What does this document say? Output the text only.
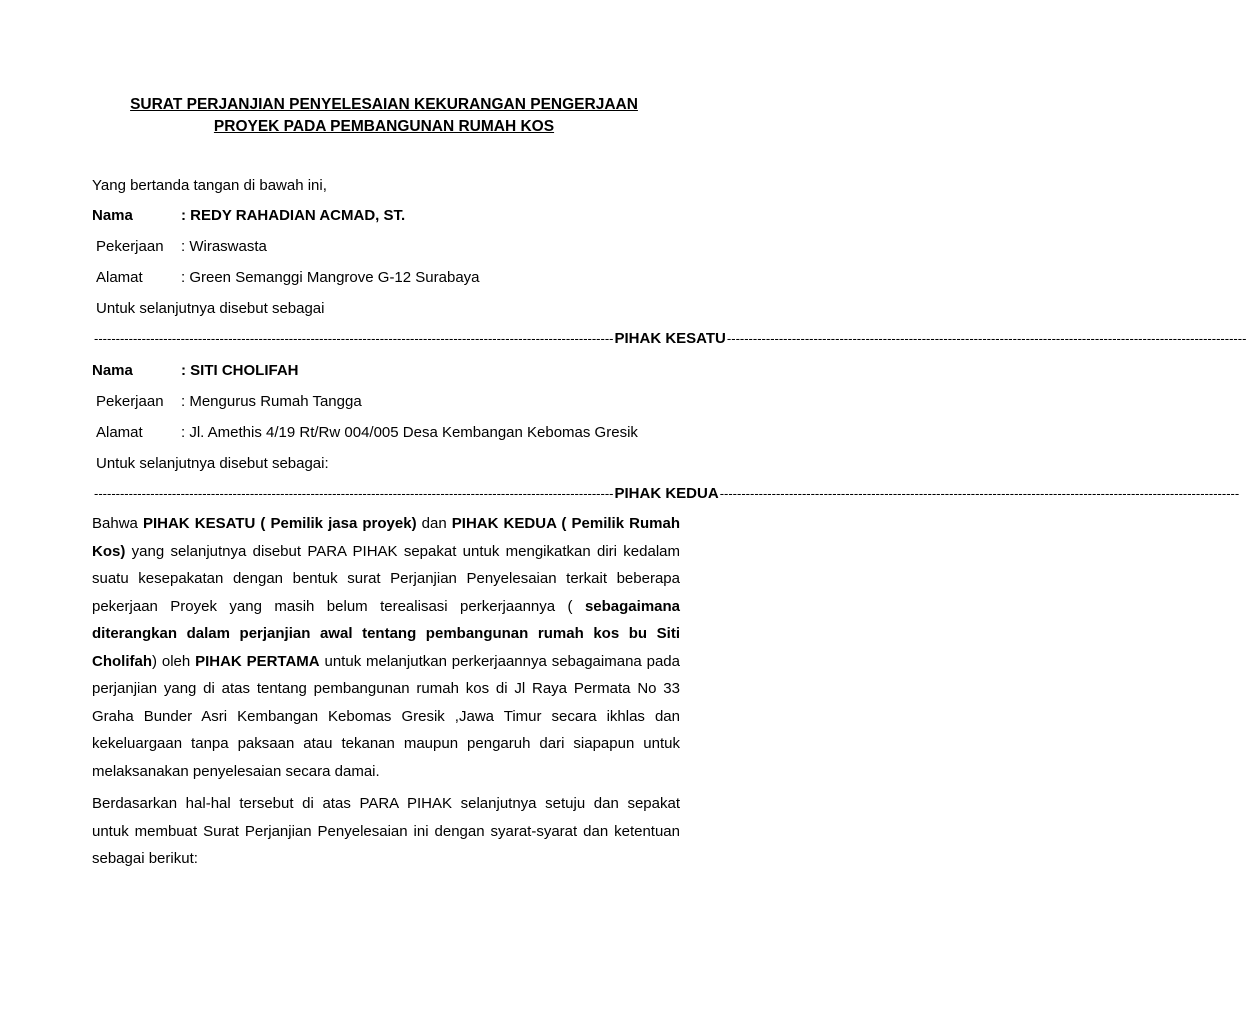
SURAT PERJANJIAN PENYELESAIAN KEKURANGAN PENGERJAAN
PROYEK PADA PEMBANGUNAN RUMAH KOS
Yang bertanda tangan di bawah ini,
Nama	: REDY RAHADIAN ACMAD, ST.
Pekerjaan : Wiraswasta
Alamat	: Green Semanggi Mangrove G-12 Surabaya
Untuk selanjutnya disebut sebagai
------------------------------------------------------------------------------------------------------------------------ PIHAK KESATU ------------------------------------------------------------------------------------------------------------------------
Nama	: SITI CHOLIFAH
Pekerjaan : Mengurus Rumah Tangga
Alamat	: Jl. Amethis 4/19 Rt/Rw 004/005 Desa Kembangan Kebomas Gresik
Untuk selanjutnya disebut sebagai:
------------------------------------------------------------------------------------------------------------------------ PIHAK KEDUA ------------------------------------------------------------------------------------------------------------------------
Bahwa PIHAK KESATU ( Pemilik jasa proyek) dan PIHAK KEDUA ( Pemilik Rumah
Kos) yang selanjutnya disebut PARA PIHAK sepakat untuk mengikatkan diri kedalam
suatu kesepakatan dengan bentuk surat Perjanjian Penyelesaian terkait beberapa
pekerjaan Proyek yang masih belum terealisasi perkerjaannya ( sebagaimana
diterangkan dalam perjanjian awal tentang pembangunan rumah kos bu Siti
Cholifah) oleh PIHAK PERTAMA untuk melanjutkan perkerjaannya sebagaimana pada
perjanjian yang di atas tentang pembangunan rumah kos di Jl Raya Permata No 33
Graha Bunder Asri Kembangan Kebomas Gresik ,Jawa Timur secara ikhlas dan
kekeluargaan tanpa paksaan atau tekanan maupun pengaruh dari siapapun untuk
melaksanakan penyelesaian secara damai.
Berdasarkan hal-hal tersebut di atas PARA PIHAK selanjutnya setuju dan sepakat
untuk membuat Surat Perjanjian Penyelesaian ini dengan syarat-syarat dan ketentuan
sebagai berikut:
